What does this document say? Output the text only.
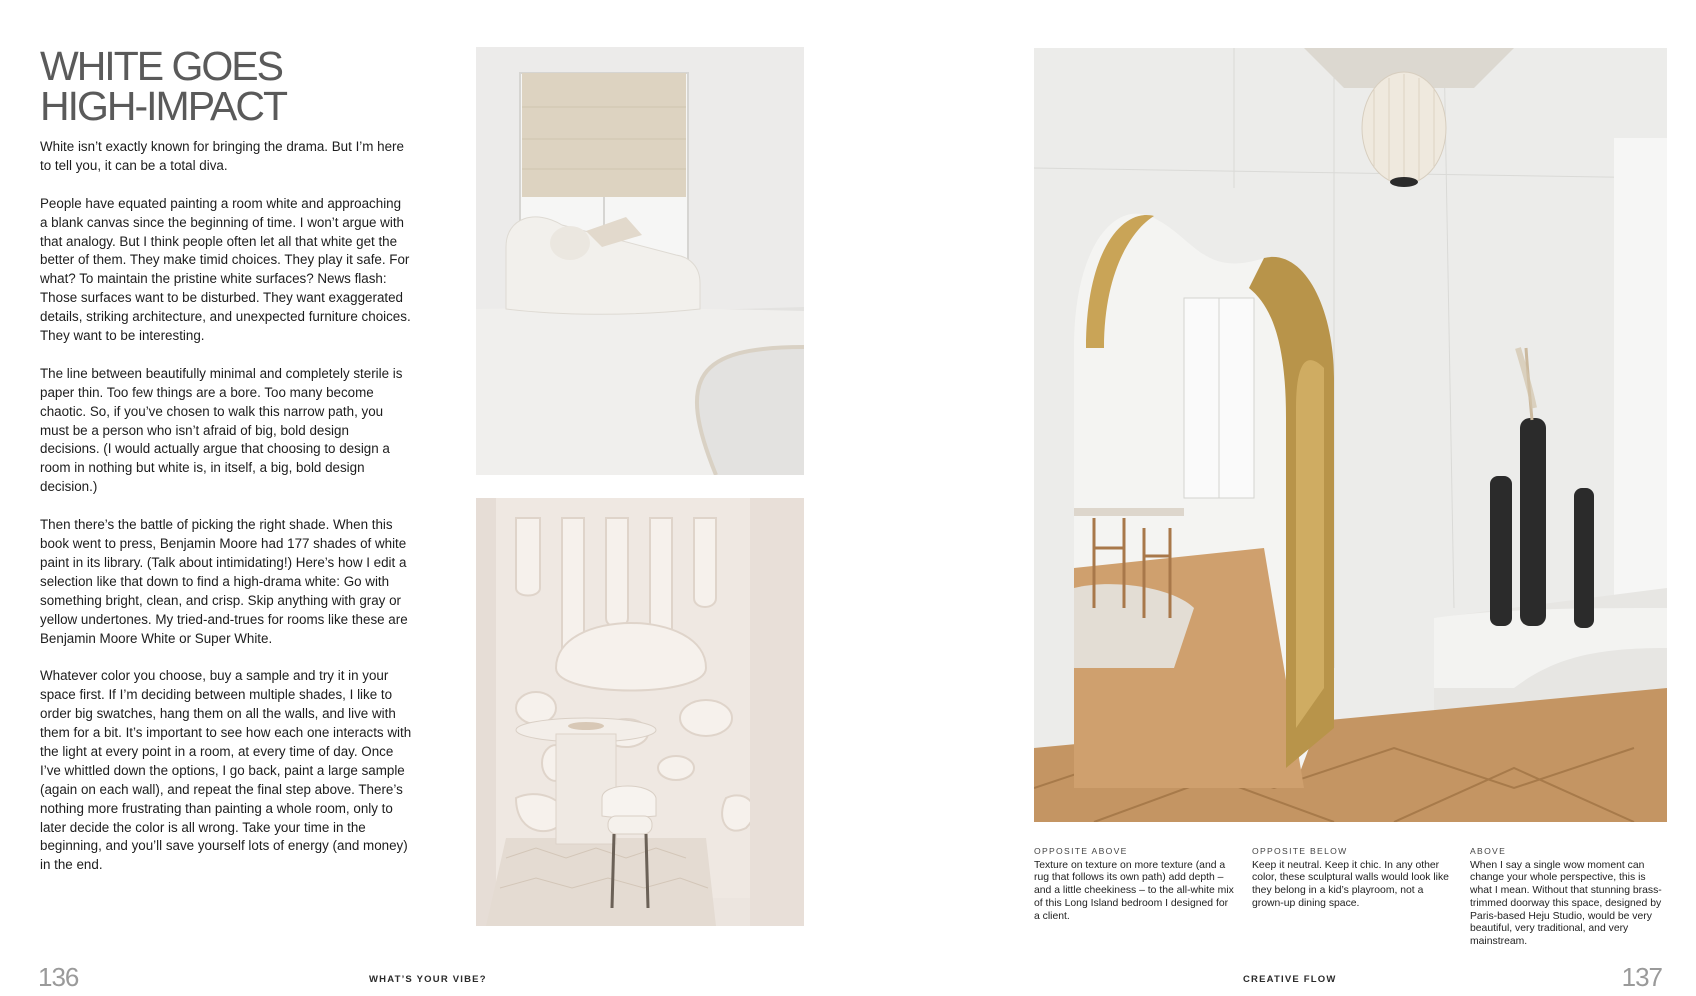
WHITE GOES
HIGH-IMPACT

White isn’t exactly known for bringing the drama. But I’m here to tell you, it can be a total diva.

People have equated painting a room white and approaching a blank canvas since the beginning of time. I won’t argue with that analogy. But I think people often let all that white get the better of them. They make timid choices. They play it safe. For what? To maintain the pristine white surfaces? News flash: Those surfaces want to be disturbed. They want exaggerated details, striking architecture, and unexpected furniture choices. They want to be interesting.

The line between beautifully minimal and completely sterile is paper thin. Too few things are a bore. Too many become chaotic. So, if you’ve chosen to walk this narrow path, you must be a person who isn’t afraid of big, bold design decisions. (I would actually argue that choosing to design a room in nothing but white is, in itself, a big, bold design decision.)

Then there’s the battle of picking the right shade. When this book went to press, Benjamin Moore had 177 shades of white paint in its library. (Talk about intimidating!) Here’s how I edit a selection like that down to find a high-drama white: Go with something bright, clean, and crisp. Skip anything with gray or yellow undertones. My tried-and-trues for rooms like these are Benjamin Moore White or Super White.

Whatever color you choose, buy a sample and try it in your space first. If I’m deciding between multiple shades, I like to order big swatches, hang them on all the walls, and live with them for a bit. It’s important to see how each one interacts with the light at every point in a room, at every time of day. Once I’ve whittled down the options, I go back, paint a large sample (again on each wall), and repeat the final step above. There’s nothing more frustrating than painting a whole room, only to later decide the color is all wrong. Take your time in the beginning, and you’ll save yourself lots of energy (and money) in the end.

136	WHAT’S YOUR VIBE?
OPPOSITE ABOVE
Texture on texture on more texture (and a rug that follows its own path) add depth – and a little cheekiness – to the all-white mix of this Long Island bedroom I designed for a client.
OPPOSITE BELOW
Keep it neutral. Keep it chic. In any other color, these sculptural walls would look like they belong in a kid’s playroom, not a grown-up dining space.
ABOVE
When I say a single wow moment can change your whole perspective, this is what I mean. Without that stunning brass-trimmed doorway this space, designed by Paris-based Heju Studio, would be very beautiful, very traditional, and very mainstream.
CREATIVE FLOW	137
